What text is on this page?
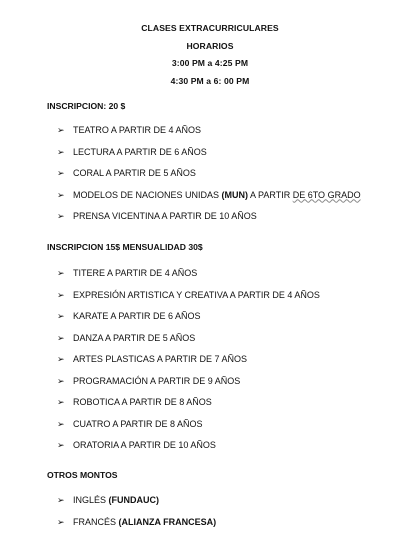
CLASES EXTRACURRICULARES
HORARIOS
3:00 PM a 4:25 PM
4:30 PM a 6: 00 PM
INSCRIPCION: 20 $
➢ TEATRO A PARTIR DE 4 AÑOS
➢ LECTURA A PARTIR DE 6 AÑOS
➢ CORAL A PARTIR DE 5 AÑOS
➢ MODELOS DE NACIONES UNIDAS (MUN) A PARTIR DE 6TO GRADO
➢ PRENSA VICENTINA A PARTIR DE 10 AÑOS
INSCRIPCION 15$ MENSUALIDAD 30$
➢ TITERE A PARTIR DE 4 AÑOS
➢ EXPRESIÓN ARTISTICA Y CREATIVA A PARTIR DE 4 AÑOS
➢ KARATE A PARTIR DE 6 AÑOS
➢ DANZA A PARTIR DE 5 AÑOS
➢ ARTES PLASTICAS A PARTIR DE 7 AÑOS
➢ PROGRAMACIÓN A PARTIR DE 9 AÑOS
➢ ROBOTICA A PARTIR DE 8 AÑOS
➢ CUATRO A PARTIR DE 8 AÑOS
➢ ORATORIA A PARTIR DE 10 AÑOS
OTROS MONTOS
➢ INGLÉS (FUNDAUC)
➢ FRANCÉS (ALIANZA FRANCESA)
